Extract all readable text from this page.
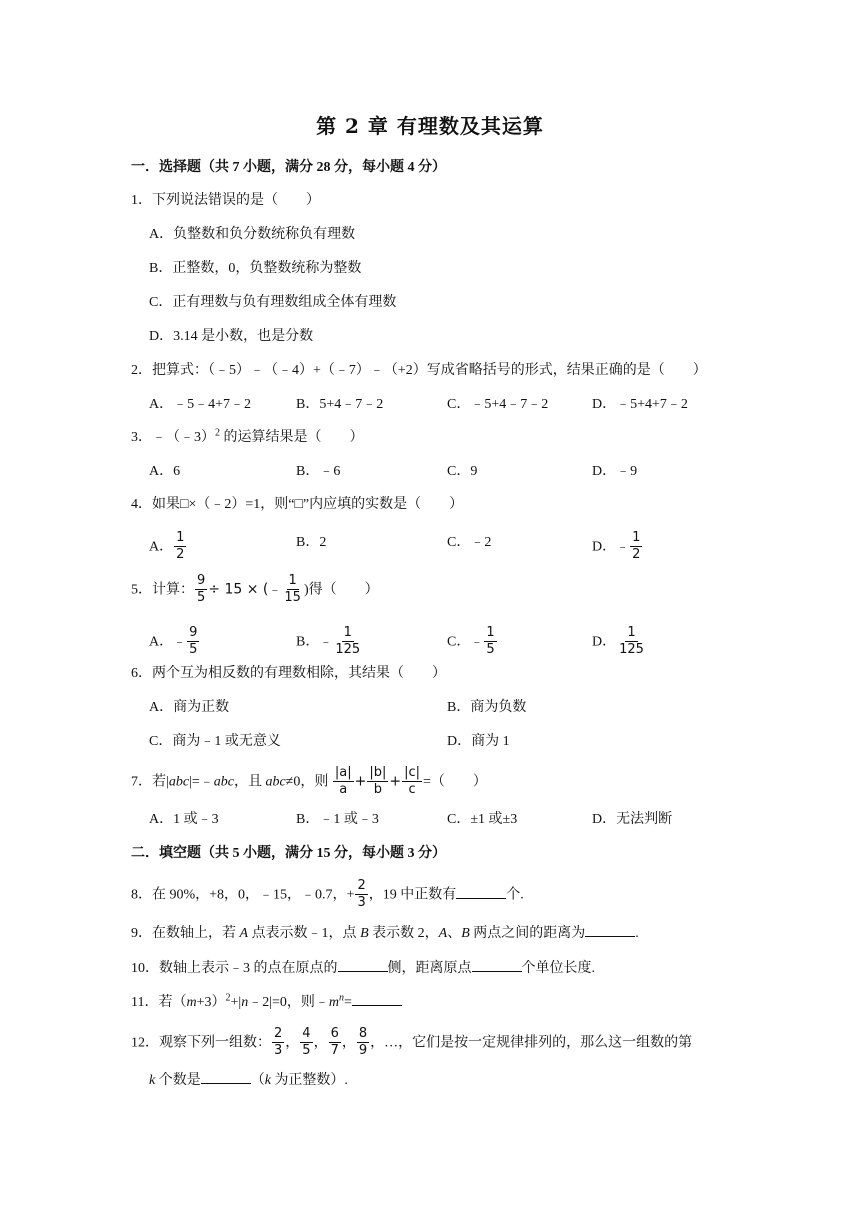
第 2 章 有理数及其运算
一．选择题（共 7 小题，满分 28 分，每小题 4 分）
1．下列说法错误的是（　　）
A．负整数和负分数统称负有理数
B．正整数，0，负整数统称为整数
C．正有理数与负有理数组成全体有理数
D．3.14 是小数，也是分数
2．把算式：（﹣5）﹣（﹣4）+（﹣7）﹣（+2）写成省略括号的形式，结果正确的是（　　）
A．﹣5﹣4+7﹣2	B．5+4﹣7﹣2	C．﹣5+4﹣7﹣2	D．﹣5+4+7﹣2
3．﹣（﹣3）$^2$ 的运算结果是（　　）
A．6	B．﹣6	C．9	D．﹣9
4．如果□×（﹣2）=1，则“□”内应填的实数是（　　）
A． $\frac{1}{2}$	B．2	C．﹣2	D．﹣ $\frac{1}{2}$
5．计算： $\frac{9}{5} \div 15$ × (﹣ $\frac{1}{15}$ )得（　　）
A．﹣ $\frac{9}{5}$	B．﹣ $\frac{1}{125}$	C．﹣ $\frac{1}{5}$	D． $\frac{1}{125}$
6．两个互为相反数的有理数相除，其结果（　　）
A．商为正数	B．商为负数
C．商为﹣1 或无意义	D．商为 1
7．若|abc|=﹣abc，且 abc≠0，则 $\frac{|a|}{a} + \frac{|b|}{b} + \frac{|c|}{c}$ =（　　）
A．1 或﹣3	B．﹣1 或﹣3	C．±1 或±3	D．无法判断
二．填空题（共 5 小题，满分 15 分，每小题 3 分）
8．在 90%，+8，0，﹣15，﹣0.7，+ $\frac{2}{3}$ ，19 中正数有	个.
9．在数轴上，若 A 点表示数﹣1，点 B 表示数 2，A、B 两点之间的距离为	.
10．数轴上表示﹣3 的点在原点的	侧，距离原点	个单位长度.
11．若$(m+3)^2+|n﹣2|=0$，则$﹣m^n=$
12．观察下列一组数： $\frac{2}{3}$ ， $\frac{4}{5}$ ， $\frac{6}{7}$ ， $\frac{8}{9}$ ，…，它们是按一定规律排列的，那么这一组数的第
k 个数是	（k 为正整数）.
